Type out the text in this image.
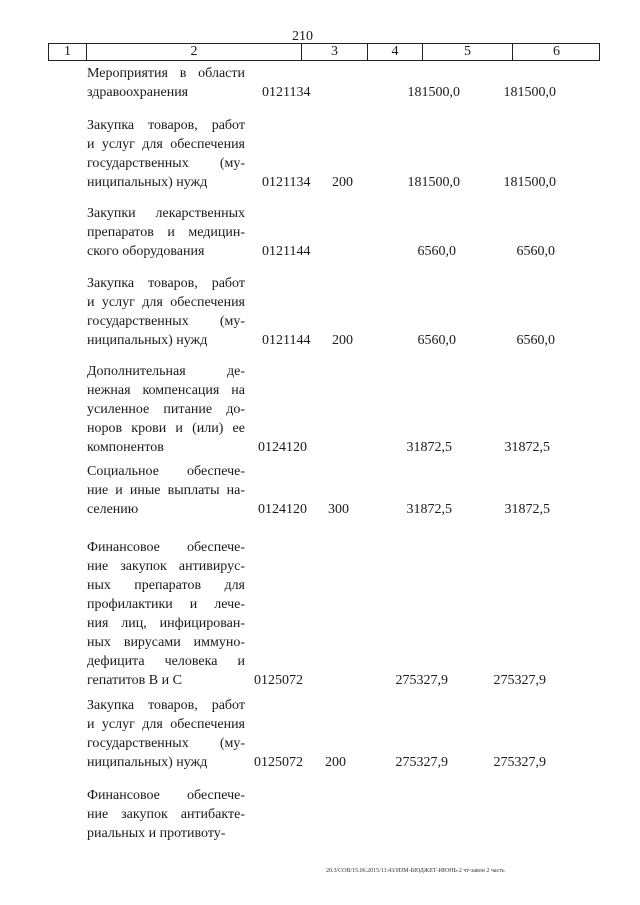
210
1	2	3	4	5	6
Мероприятия в области
здравоохранения	0121134	181500,0	181500,0
Закупка товаров, работ
и услуг для обеспечения
государственных (му-
ниципальных) нужд	0121134 200	181500,0	181500,0
Закупки лекарственных
препаратов и медицин-
ского оборудования	0121144	6560,0	6560,0
Закупка товаров, работ
и услуг для обеспечения
государственных (му-
ниципальных) нужд	0121144 200	6560,0	6560,0
Дополнительная де-
нежная компенсация на
усиленное питание до-
норов крови и (или) ее
компонентов	0124120	31872,5	31872,5
Социальное обеспече-
ние и иные выплаты на-
селению	0124120 300	31872,5	31872,5
Финансовое обеспече-
ние закупок антивирус-
ных препаратов для
профилактики и лече-
ния лиц, инфицирован-
ных вирусами иммуно-
дефицита человека и
гепатитов B и C	0125072	275327,9	275327,9
Закупка товаров, работ
и услуг для обеспечения
государственных (му-
ниципальных) нужд	0125072 200	275327,9	275327,9
Финансовое обеспече-
ние закупок антибакте-
риальных и противоту-
20.3/СОВ/15.06.2015/11:43/ИЗМ-БЮДЖЕТ-ИЮНЬ-2 чт-закон 2 часть
